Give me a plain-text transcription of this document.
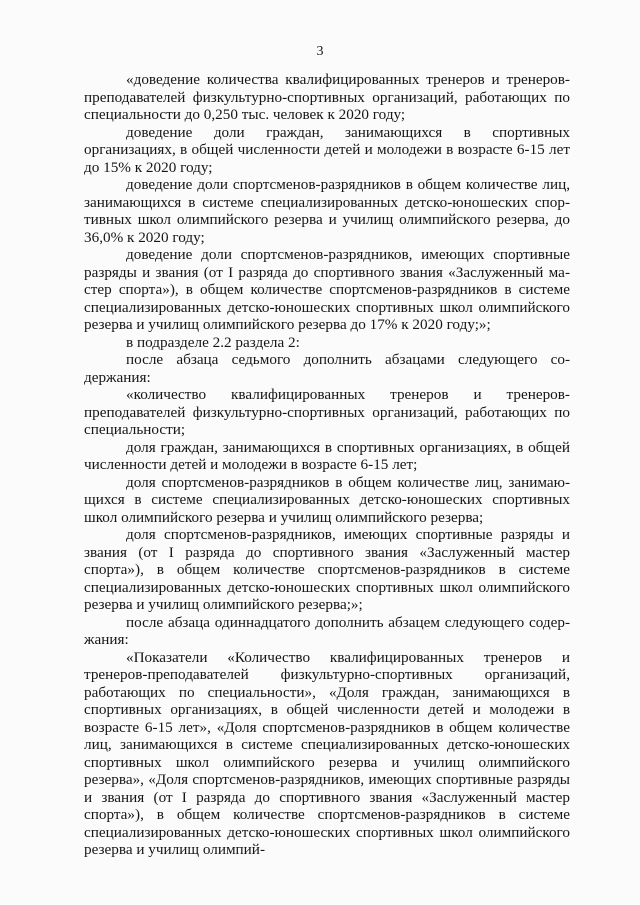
3

«доведение количества квалифицированных тренеров и тренеров-преподавателей физкультурно-спортивных организаций, работающих по специальности до 0,250 тыс. человек к 2020 году;

доведение доли граждан, занимающихся в спортивных организациях, в общей численности детей и молодежи в возрасте 6-15 лет до 15% к 2020 году;

доведение доли спортсменов-разрядников в общем количестве лиц, занимающихся в системе специализированных детско-юношеских спортивных школ олимпийского резерва и училищ олимпийского резерва, до 36,0% к 2020 году;

доведение доли спортсменов-разрядников, имеющих спортивные разряды и звания (от I разряда до спортивного звания «Заслуженный мастер спорта»), в общем количестве спортсменов-разрядников в системе специализированных детско-юношеских спортивных школ олимпийского резерва и училищ олимпийского резерва до 17% к 2020 году;»;

в подразделе 2.2 раздела 2:

после абзаца седьмого дополнить абзацами следующего содержания:

«количество квалифицированных тренеров и тренеров-преподавателей физкультурно-спортивных организаций, работающих по специальности;

доля граждан, занимающихся в спортивных организациях, в общей численности детей и молодежи в возрасте 6-15 лет;

доля спортсменов-разрядников в общем количестве лиц, занимающихся в системе специализированных детско-юношеских спортивных школ олимпийского резерва и училищ олимпийского резерва;

доля спортсменов-разрядников, имеющих спортивные разряды и звания (от I разряда до спортивного звания «Заслуженный мастер спорта»), в общем количестве спортсменов-разрядников в системе специализированных детско-юношеских спортивных школ олимпийского резерва и училищ олимпийского резерва;»;

после абзаца одиннадцатого дополнить абзацем следующего содержания:

«Показатели «Количество квалифицированных тренеров и тренеров-преподавателей физкультурно-спортивных организаций, работающих по специальности», «Доля граждан, занимающихся в спортивных организациях, в общей численности детей и молодежи в возрасте 6-15 лет», «Доля спортсменов-разрядников в общем количестве лиц, занимающихся в системе специализированных детско-юношеских спортивных школ олимпийского резерва и училищ олимпийского резерва», «Доля спортсменов-разрядников, имеющих спортивные разряды и звания (от I разряда до спортивного звания «Заслуженный мастер спорта»), в общем количестве спортсменов-разрядников в системе специализированных детско-юношеских спортивных школ олимпийского резерва и училищ олимпий-
